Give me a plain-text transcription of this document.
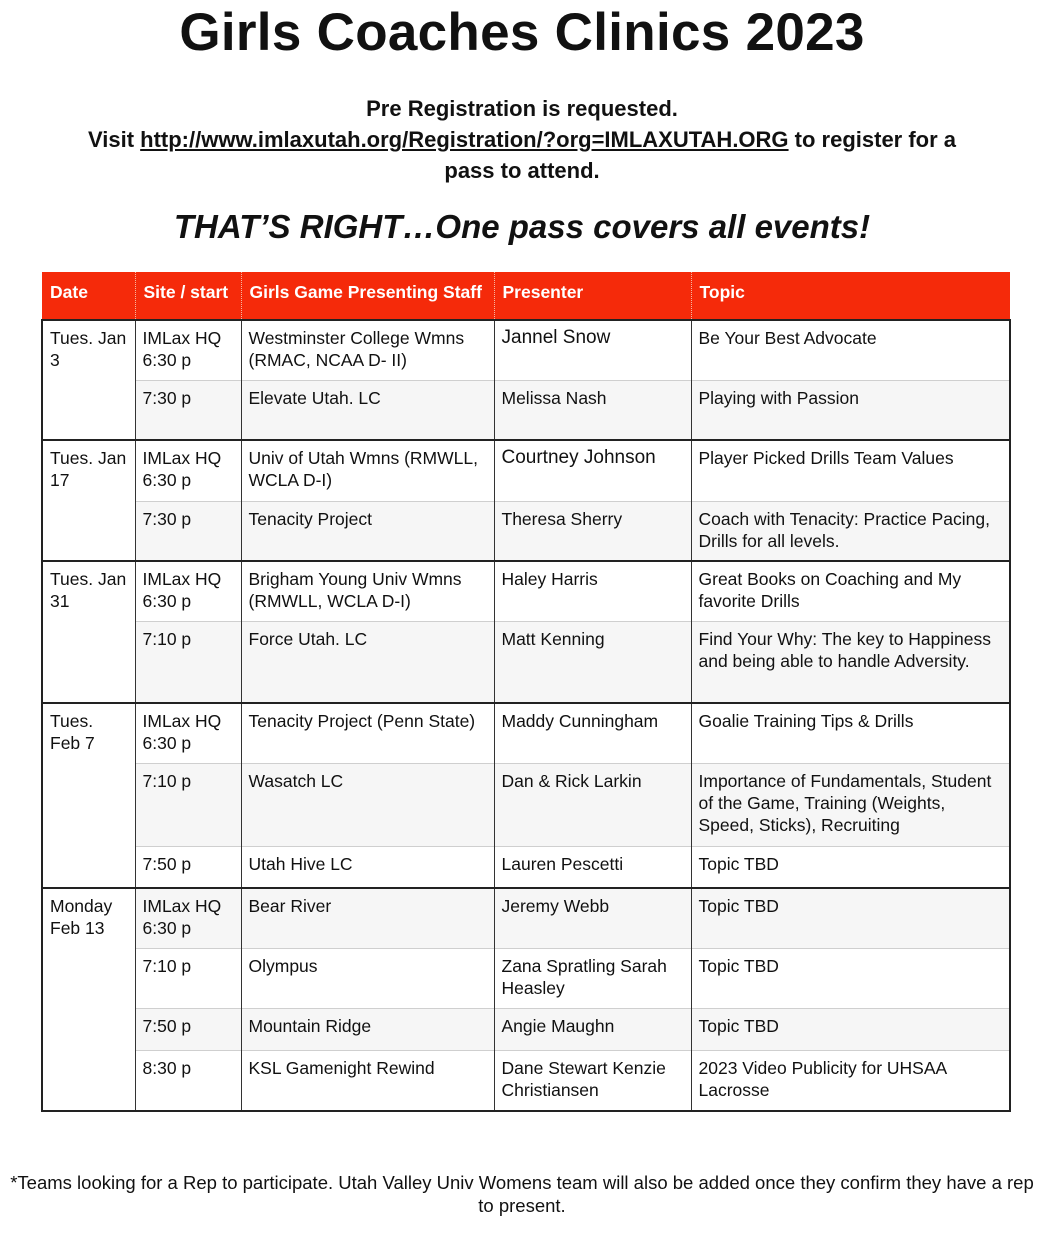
Girls Coaches Clinics 2023
Pre Registration is requested.
Visit http://www.imlaxutah.org/Registration/?org=IMLAXUTAH.ORG to register for a
pass to attend.
THAT’S RIGHT…One pass covers all events!
Date	Site / start	Girls Game Presenting Staff	Presenter	Topic
Tues. Jan 3	IMLax HQ 6:30 p	Westminster College Wmns (RMAC, NCAA D- II)	Jannel Snow	Be Your Best Advocate
	7:30 p	Elevate Utah. LC	Melissa Nash	Playing with Passion
Tues. Jan 17	IMLax HQ 6:30 p	Univ of Utah Wmns (RMWLL, WCLA D-I)	Courtney Johnson	Player Picked Drills Team Values
	7:30 p	Tenacity Project	Theresa Sherry	Coach with Tenacity: Practice Pacing, Drills for all levels.
Tues. Jan 31	IMLax HQ 6:30 p	Brigham Young Univ Wmns (RMWLL, WCLA D-I)	Haley Harris	Great Books on Coaching and My favorite Drills
	7:10 p	Force Utah. LC	Matt Kenning	Find Your Why: The key to Happiness and being able to handle Adversity.
Tues. Feb 7	IMLax HQ 6:30 p	Tenacity Project (Penn State)	Maddy Cunningham	Goalie Training Tips & Drills
	7:10 p	Wasatch LC	Dan & Rick Larkin	Importance of Fundamentals, Student of the Game, Training (Weights, Speed, Sticks), Recruiting
	7:50 p	Utah Hive LC	Lauren Pescetti	Topic TBD
Monday Feb 13	IMLax HQ 6:30 p	Bear River	Jeremy Webb	Topic TBD
	7:10 p	Olympus	Zana Spratling Sarah Heasley	Topic TBD
	7:50 p	Mountain Ridge	Angie Maughn	Topic TBD
	8:30 p	KSL Gamenight Rewind	Dane Stewart Kenzie Christiansen	2023 Video Publicity for UHSAA Lacrosse
*Teams looking for a Rep to participate. Utah Valley Univ Womens team will also be added once they confirm they have a rep to present.
